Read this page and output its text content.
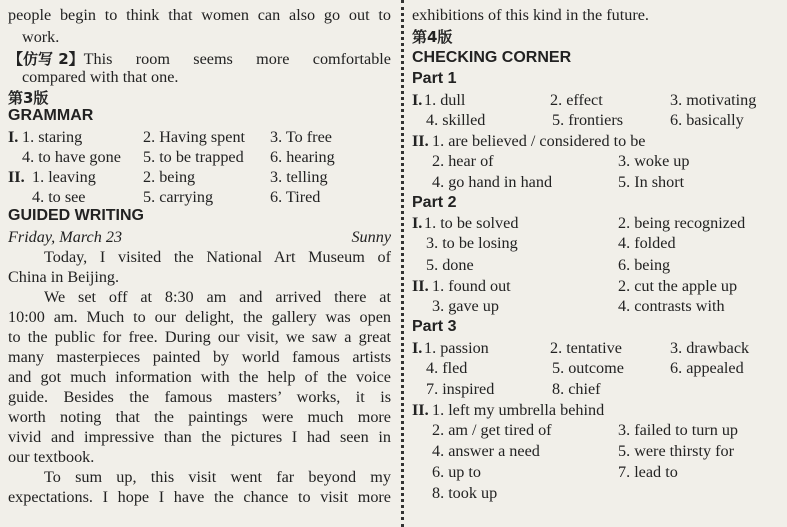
people begin to think that women can also go out to
work.
【仿写 2】 This room seems more comfortable
compared with that one.
第3版
GRAMMAR
I. 1. staring	2. Having spent 3. To free
4. to have gone 5. to be trapped 6. hearing
II. 1. leaving	2. being	3. telling
4. to see	5. carrying	6. Tired
GUIDED WRITING
Friday, March 23	Sunny
Today, I visited the National Art Museum of
China in Beijing.
We set off at 8:30 am and arrived there at
10:00 am. Much to our delight, the gallery was open
to the public for free. During our visit, we saw a great
many masterpieces painted by world famous artists
and got much information with the help of the voice
guide. Besides the famous masters’ works, it is
worth noting that the paintings were much more
vivid and impressive than the pictures I had seen in
our textbook.
To sum up, this visit went far beyond my
expectations. I hope I have the chance to visit more
exhibitions of this kind in the future.
第4版
CHECKING CORNER
Part 1
I. 1. dull	2. effect	3. motivating
4. skilled	5. frontiers	6. basically
II. 1. are believed / considered to be
2. hear of	3. woke up
4. go hand in hand	5. In short
Part 2
I. 1. to be solved	2. being recognized
3. to be losing	4. folded
5. done	6. being
II. 1. found out	2. cut the apple up
3. gave up	4. contrasts with
Part 3
I. 1. passion	2. tentative	3. drawback
4. fled	5. outcome	6. appealed
7. inspired	8. chief
II. 1. left my umbrella behind
2. am / get tired of	3. failed to turn up
4. answer a need	5. were thirsty for
6. up to	7. lead to
8. took up
